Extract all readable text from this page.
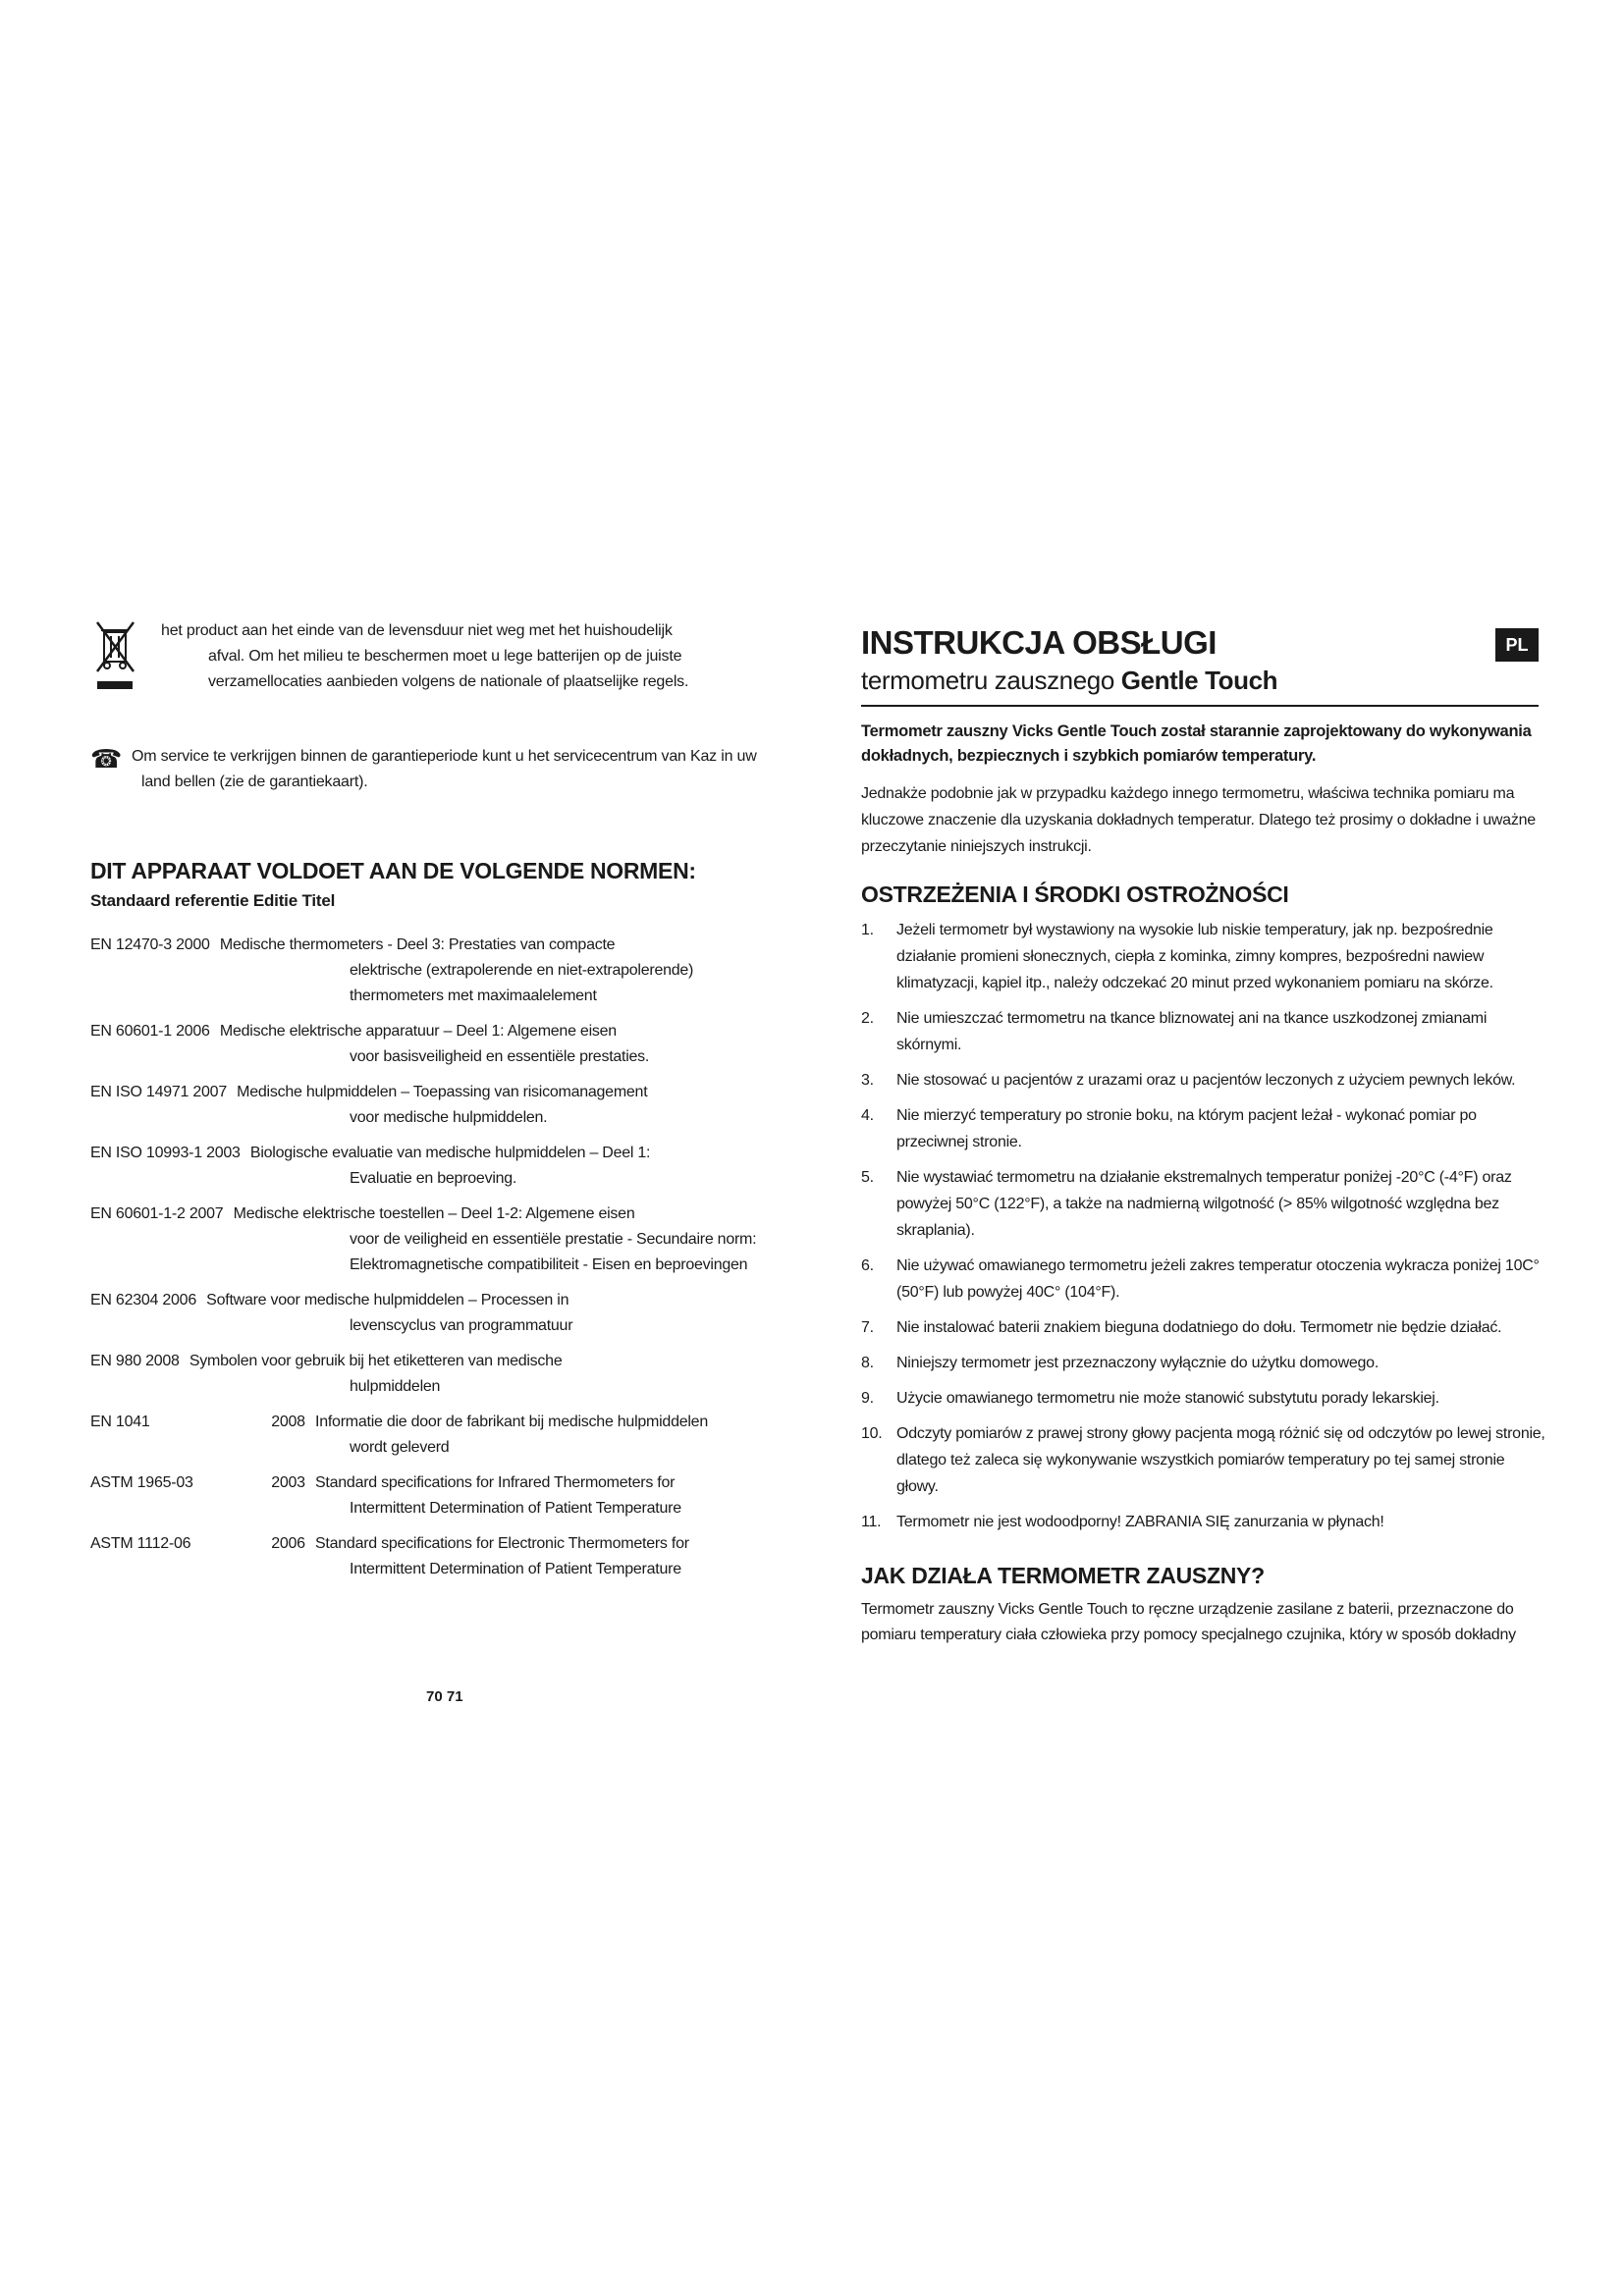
het product aan het einde van de levensduur niet weg met het huishoudelijk
afval. Om het milieu te beschermen moet u lege batterijen op de juiste
verzamellocaties aanbieden volgens de nationale of plaatselijke regels.
☎ Om service te verkrijgen binnen de garantieperiode kunt u het servicecentrum van Kaz in uw
land bellen (zie de garantiekaart).
DIT APPARAAT VOLDOET AAN DE VOLGENDE NORMEN:
Standaard referentie Editie Titel
EN 12470-3 2000 Medische thermometers - Deel 3: Prestaties van compacte
elektrische (extrapolerende en niet-extrapolerende)
thermometers met maximaalelement
EN 60601-1 2006 Medische elektrische apparatuur – Deel 1: Algemene eisen
voor basisveiligheid en essentiële prestaties.
EN ISO 14971 2007 Medische hulpmiddelen – Toepassing van risicomanagement
voor medische hulpmiddelen.
EN ISO 10993-1 2003 Biologische evaluatie van medische hulpmiddelen – Deel 1:
Evaluatie en beproeving.
EN 60601-1-2 2007 Medische elektrische toestellen – Deel 1-2: Algemene eisen
voor de veiligheid en essentiële prestatie - Secundaire norm:
Elektromagnetische compatibiliteit - Eisen en beproevingen
EN 62304 2006 Software voor medische hulpmiddelen – Processen in
levenscyclus van programmatuur
EN 980 2008 Symbolen voor gebruik bij het etiketteren van medische
hulpmiddelen
EN 1041	2008 Informatie die door de fabrikant bij medische hulpmiddelen
wordt geleverd
ASTM 1965-03	2003 Standard specifications for Infrared Thermometers for
Intermittent Determination of Patient Temperature
ASTM 1112-06	2006 Standard specifications for Electronic Thermometers for
Intermittent Determination of Patient Temperature

70 71

INSTRUKCJA OBSŁUGI	PL
termometru zausznego Gentle Touch

Termometr zauszny Vicks Gentle Touch został starannie zaprojektowany do wykonywania dokładnych, bezpiecznych i szybkich pomiarów temperatury.

Jednakże podobnie jak w przypadku każdego innego termometru, właściwa technika pomiaru ma kluczowe znaczenie dla uzyskania dokładnych temperatur. Dlatego też prosimy o dokładne i uważne przeczytanie niniejszych instrukcji.

OSTRZEŻENIA I ŚRODKI OSTROŻNOŚCI
1. Jeżeli termometr był wystawiony na wysokie lub niskie temperatury, jak np. bezpośrednie działanie promieni słonecznych, ciepła z kominka, zimny kompres, bezpośredni nawiew klimatyzacji, kąpiel itp., należy odczekać 20 minut przed wykonaniem pomiaru na skórze.
2. Nie umieszczać termometru na tkance bliznowatej ani na tkance uszkodzonej zmianami skórnymi.
3. Nie stosować u pacjentów z urazami oraz u pacjentów leczonych z użyciem pewnych leków.
4. Nie mierzyć temperatury po stronie boku, na którym pacjent leżał - wykonać pomiar po przeciwnej stronie.
5. Nie wystawiać termometru na działanie ekstremalnych temperatur poniżej -20°C (-4°F) oraz powyżej 50°C (122°F), a także na nadmierną wilgotność (> 85% wilgotność względna bez skraplania).
6. Nie używać omawianego termometru jeżeli zakres temperatur otoczenia wykracza poniżej 10C° (50°F) lub powyżej 40C° (104°F).
7. Nie instalować baterii znakiem bieguna dodatniego do dołu. Termometr nie będzie działać.
8. Niniejszy termometr jest przeznaczony wyłącznie do użytku domowego.
9. Użycie omawianego termometru nie może stanowić substytutu porady lekarskiej.
10. Odczyty pomiarów z prawej strony głowy pacjenta mogą różnić się od odczytów po lewej stronie, dlatego też zaleca się wykonywanie wszystkich pomiarów temperatury po tej samej stronie głowy.
11. Termometr nie jest wodoodporny! ZABRANIA SIĘ zanurzania w płynach!
JAK DZIAŁA TERMOMETR ZAUSZNY?

Termometr zauszny Vicks Gentle Touch to ręczne urządzenie zasilane z baterii, przeznaczone do pomiaru temperatury ciała człowieka przy pomocy specjalnego czujnika, który w sposób dokładny
